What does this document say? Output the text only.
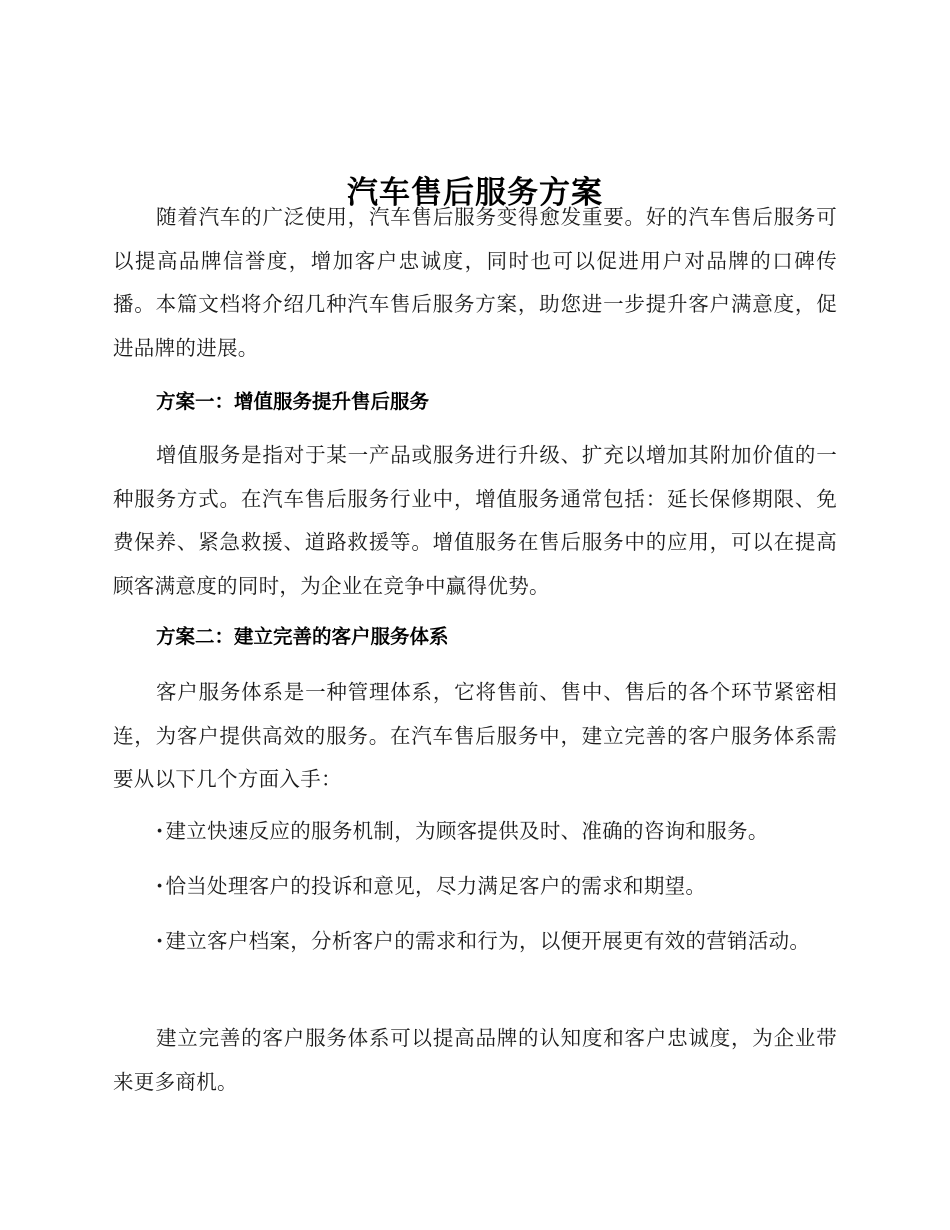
汽车售后服务方案

随着汽车的广泛使用，汽车售后服务变得愈发重要。好的汽车售后服务可以提高品牌信誉度，增加客户忠诚度，同时也可以促进用户对品牌的口碑传播。本篇文档将介绍几种汽车售后服务方案，助您进一步提升客户满意度，促进品牌的进展。

方案一：增值服务提升售后服务

增值服务是指对于某一产品或服务进行升级、扩充以增加其附加价值的一种服务方式。在汽车售后服务行业中，增值服务通常包括：延长保修期限、免费保养、紧急救援、道路救援等。增值服务在售后服务中的应用，可以在提高顾客满意度的同时，为企业在竞争中赢得优势。

方案二：建立完善的客户服务体系

客户服务体系是一种管理体系，它将售前、售中、售后的各个环节紧密相连，为客户提供高效的服务。在汽车售后服务中，建立完善的客户服务体系需要从以下几个方面入手：

·建立快速反应的服务机制，为顾客提供及时、准确的咨询和服务。

·恰当处理客户的投诉和意见，尽力满足客户的需求和期望。

·建立客户档案，分析客户的需求和行为，以便开展更有效的营销活动。

建立完善的客户服务体系可以提高品牌的认知度和客户忠诚度，为企业带来更多商机。
